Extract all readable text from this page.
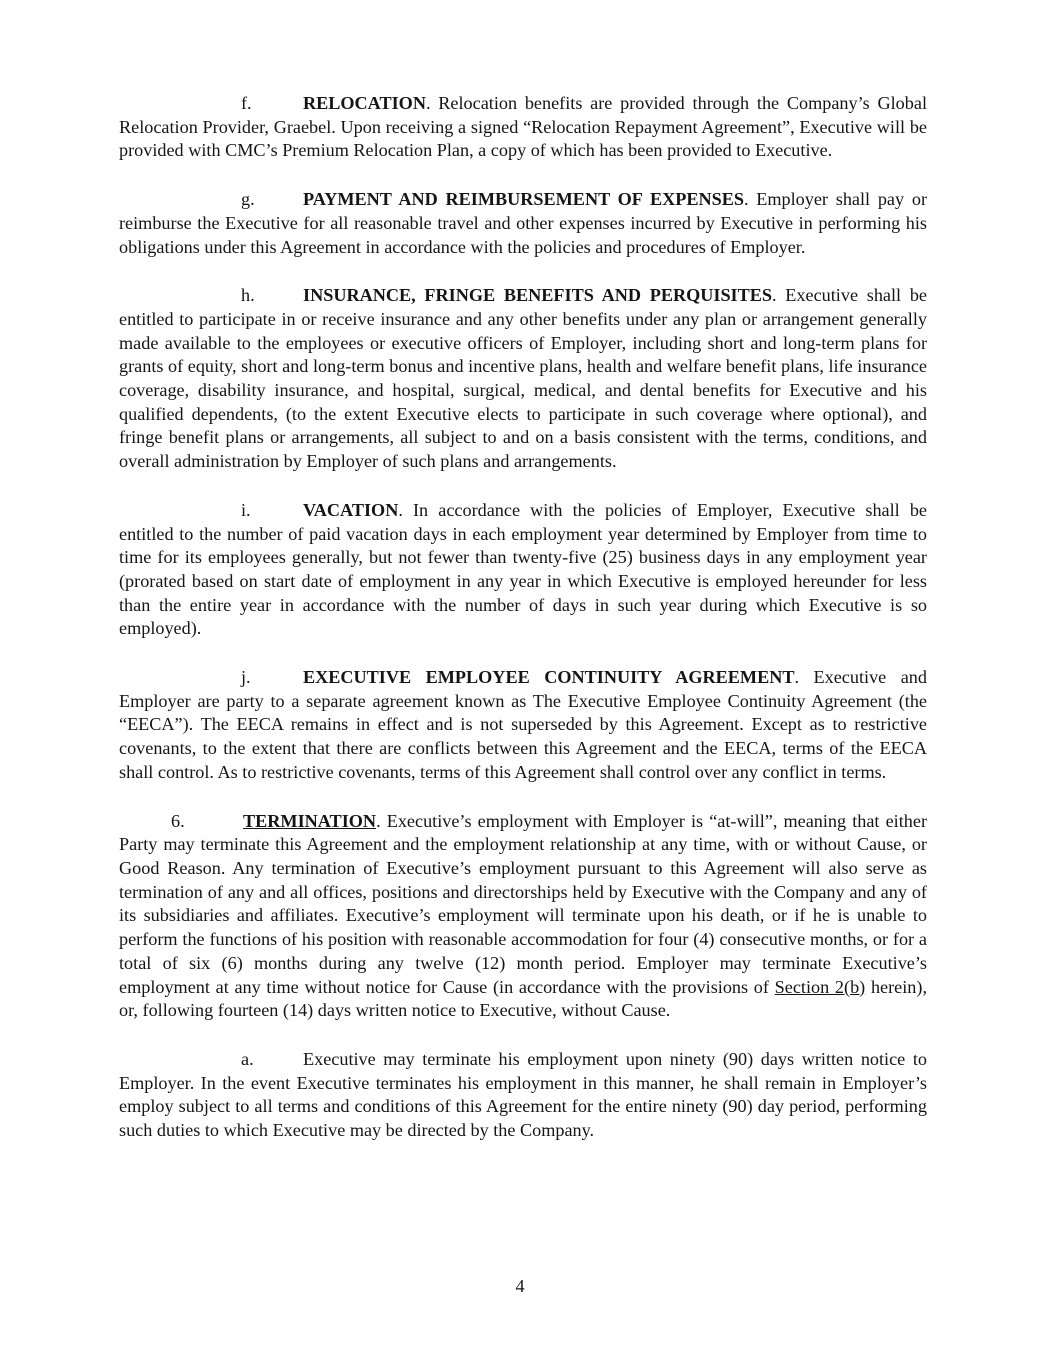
f.	RELOCATION. Relocation benefits are provided through the Company’s Global Relocation Provider, Graebel. Upon receiving a signed “Relocation Repayment Agreement”, Executive will be provided with CMC’s Premium Relocation Plan, a copy of which has been provided to Executive.

g.	PAYMENT AND REIMBURSEMENT OF EXPENSES. Employer shall pay or reimburse the Executive for all reasonable travel and other expenses incurred by Executive in performing his obligations under this Agreement in accordance with the policies and procedures of Employer.

h.	INSURANCE, FRINGE BENEFITS AND PERQUISITES. Executive shall be entitled to participate in or receive insurance and any other benefits under any plan or arrangement generally made available to the employees or executive officers of Employer, including short and long-term plans for grants of equity, short and long-term bonus and incentive plans, health and welfare benefit plans, life insurance coverage, disability insurance, and hospital, surgical, medical, and dental benefits for Executive and his qualified dependents, (to the extent Executive elects to participate in such coverage where optional), and fringe benefit plans or arrangements, all subject to and on a basis consistent with the terms, conditions, and overall administration by Employer of such plans and arrangements.

i.	VACATION. In accordance with the policies of Employer, Executive shall be entitled to the number of paid vacation days in each employment year determined by Employer from time to time for its employees generally, but not fewer than twenty-five (25) business days in any employment year (prorated based on start date of employment in any year in which Executive is employed hereunder for less than the entire year in accordance with the number of days in such year during which Executive is so employed).

j.	EXECUTIVE EMPLOYEE CONTINUITY AGREEMENT. Executive and Employer are party to a separate agreement known as The Executive Employee Continuity Agreement (the “EECA”). The EECA remains in effect and is not superseded by this Agreement. Except as to restrictive covenants, to the extent that there are conflicts between this Agreement and the EECA, terms of the EECA shall control. As to restrictive covenants, terms of this Agreement shall control over any conflict in terms.

6.	TERMINATION. Executive’s employment with Employer is “at-will”, meaning that either Party may terminate this Agreement and the employment relationship at any time, with or without Cause, or Good Reason. Any termination of Executive’s employment pursuant to this Agreement will also serve as termination of any and all offices, positions and directorships held by Executive with the Company and any of its subsidiaries and affiliates. Executive’s employment will terminate upon his death, or if he is unable to perform the functions of his position with reasonable accommodation for four (4) consecutive months, or for a total of six (6) months during any twelve (12) month period. Employer may terminate Executive’s employment at any time without notice for Cause (in accordance with the provisions of Section 2(b) herein), or, following fourteen (14) days written notice to Executive, without Cause.

a.	Executive may terminate his employment upon ninety (90) days written notice to Employer. In the event Executive terminates his employment in this manner, he shall remain in Employer’s employ subject to all terms and conditions of this Agreement for the entire ninety (90) day period, performing such duties to which Executive may be directed by the Company.

4
